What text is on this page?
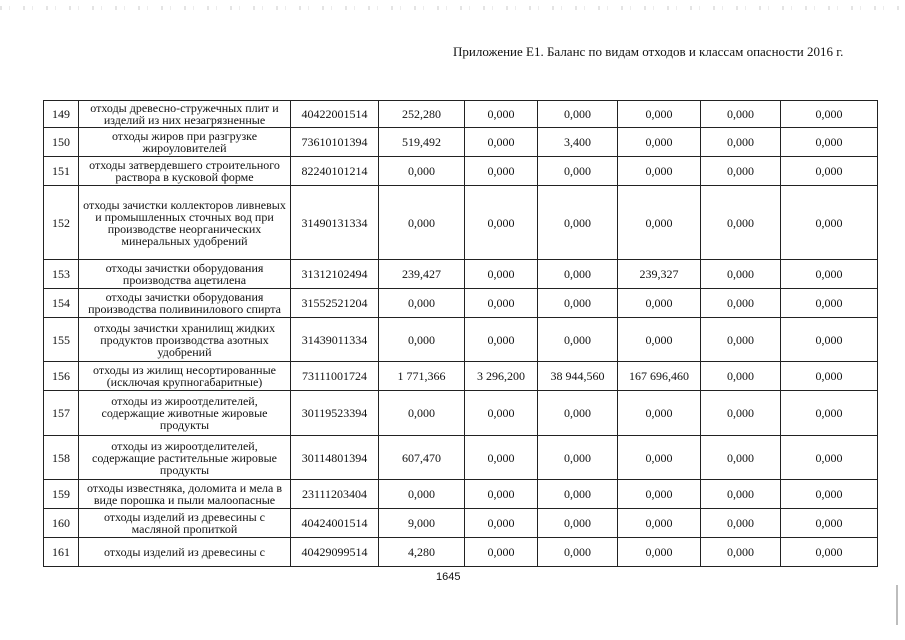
Приложение Е1. Баланс по видам отходов и классам опасности 2016 г.
149	отходы древесно-стружечных плит и изделий из них незагрязненные	40422001514	252,280	0,000	0,000	0,000	0,000	0,000
150	отходы жиров при разгрузке жироуловителей	73610101394	519,492	0,000	3,400	0,000	0,000	0,000
151	отходы затвердевшего строительного раствора в кусковой форме	82240101214	0,000	0,000	0,000	0,000	0,000	0,000
152	отходы зачистки коллекторов ливневых и промышленных сточных вод при производстве неорганических минеральных удобрений	31490131334	0,000	0,000	0,000	0,000	0,000	0,000
153	отходы зачистки оборудования производства ацетилена	31312102494	239,427	0,000	0,000	239,327	0,000	0,000
154	отходы зачистки оборудования производства поливинилового спирта	31552521204	0,000	0,000	0,000	0,000	0,000	0,000
155	отходы зачистки хранилищ жидких продуктов производства азотных удобрений	31439011334	0,000	0,000	0,000	0,000	0,000	0,000
156	отходы из жилищ несортированные (исключая крупногабаритные)	73111001724	1 771,366	3 296,200	38 944,560	167 696,460	0,000	0,000
157	отходы из жироотделителей, содержащие животные жировые продукты	30119523394	0,000	0,000	0,000	0,000	0,000	0,000
158	отходы из жироотделителей, содержащие растительные жировые продукты	30114801394	607,470	0,000	0,000	0,000	0,000	0,000
159	отходы известняка, доломита и мела в виде порошка и пыли малоопасные	23111203404	0,000	0,000	0,000	0,000	0,000	0,000
160	отходы изделий из древесины с масляной пропиткой	40424001514	9,000	0,000	0,000	0,000	0,000	0,000
161	отходы изделий из древесины с	40429099514	4,280	0,000	0,000	0,000	0,000	0,000
1645
